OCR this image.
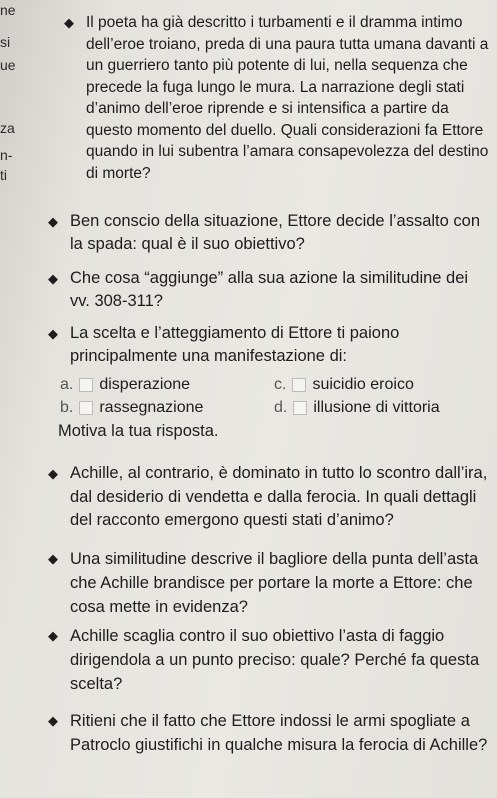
ne
si
ue
za
n-
ti
◆ Il poeta ha già descritto i turbamenti e il dramma intimo dell’eroe troiano, preda di una paura tutta umana davanti a un guerriero tanto più potente di lui, nella sequenza che precede la fuga lungo le mura. La narrazione degli stati d’animo dell’eroe riprende e si intensifica a partire da questo momento del duello. Quali considerazioni fa Ettore quando in lui subentra l’amara consapevolezza del destino di morte?
◆ Ben conscio della situazione, Ettore decide l’assalto con la spada: qual è il suo obiettivo?
◆ Che cosa “aggiunge” alla sua azione la similitudine dei vv. 308-311?
◆ La scelta e l’atteggiamento di Ettore ti paiono principalmente una manifestazione di:
a. disperazione	c. suicidio eroico
b. rassegnazione	d. illusione di vittoria
Motiva la tua risposta.
◆ Achille, al contrario, è dominato in tutto lo scontro dall’ira, dal desiderio di vendetta e dalla ferocia. In quali dettagli del racconto emergono questi stati d’animo?
◆ Una similitudine descrive il bagliore della punta dell’asta che Achille brandisce per portare la morte a Ettore: che cosa mette in evidenza?
◆ Achille scaglia contro il suo obiettivo l’asta di faggio dirigendola a un punto preciso: quale? Perché fa questa scelta?
◆ Ritieni che il fatto che Ettore indossi le armi spogliate a Patroclo giustifichi in qualche misura la ferocia di Achille?
